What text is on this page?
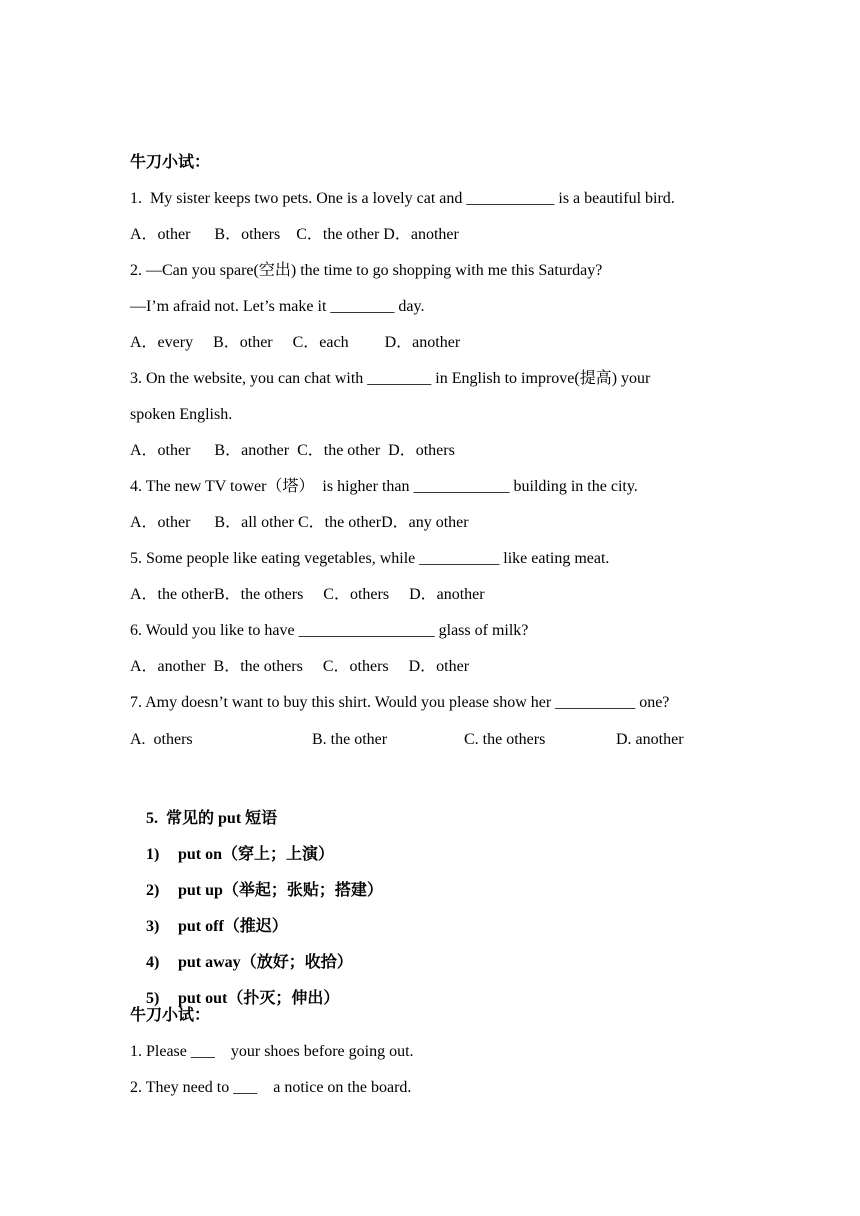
牛刀小试：
1.  My sister keeps two pets. One is a lovely cat and ___________ is a beautiful bird.
A．other      B．others    C．the other D．another
2. —Can you spare(空出) the time to go shopping with me this Saturday?
—I’m afraid not. Let’s make it ________ day.
A．every     B．other     C．each         D．another
3. On the website, you can chat with ________ in English to improve(提高) your
spoken English.
A．other      B．another  C．the other  D．others
4. The new TV tower（塔）  is higher than ____________ building in the city.
A．other      B．all other C．the otherD．any other
5. Some people like eating vegetables, while __________ like eating meat.
A．the otherB．the others     C．others     D．another
6. Would you like to have _________________ glass of milk?
A．another  B．the others     C．others     D．other
7. Amy doesn’t want to buy this shirt. Would you please show her __________ one?
A.  others	B. the other	C. the others	D. another

5.  常见的 put 短语

1) put on（穿上；上演）

2) put up（举起；张贴；搭建）

3) put off（推迟）

4) put away（放好；收拾）

5) put out（扑灭；伸出）

牛刀小试：
1. Please ___    your shoes before going out.
2. They need to ___    a notice on the board.
